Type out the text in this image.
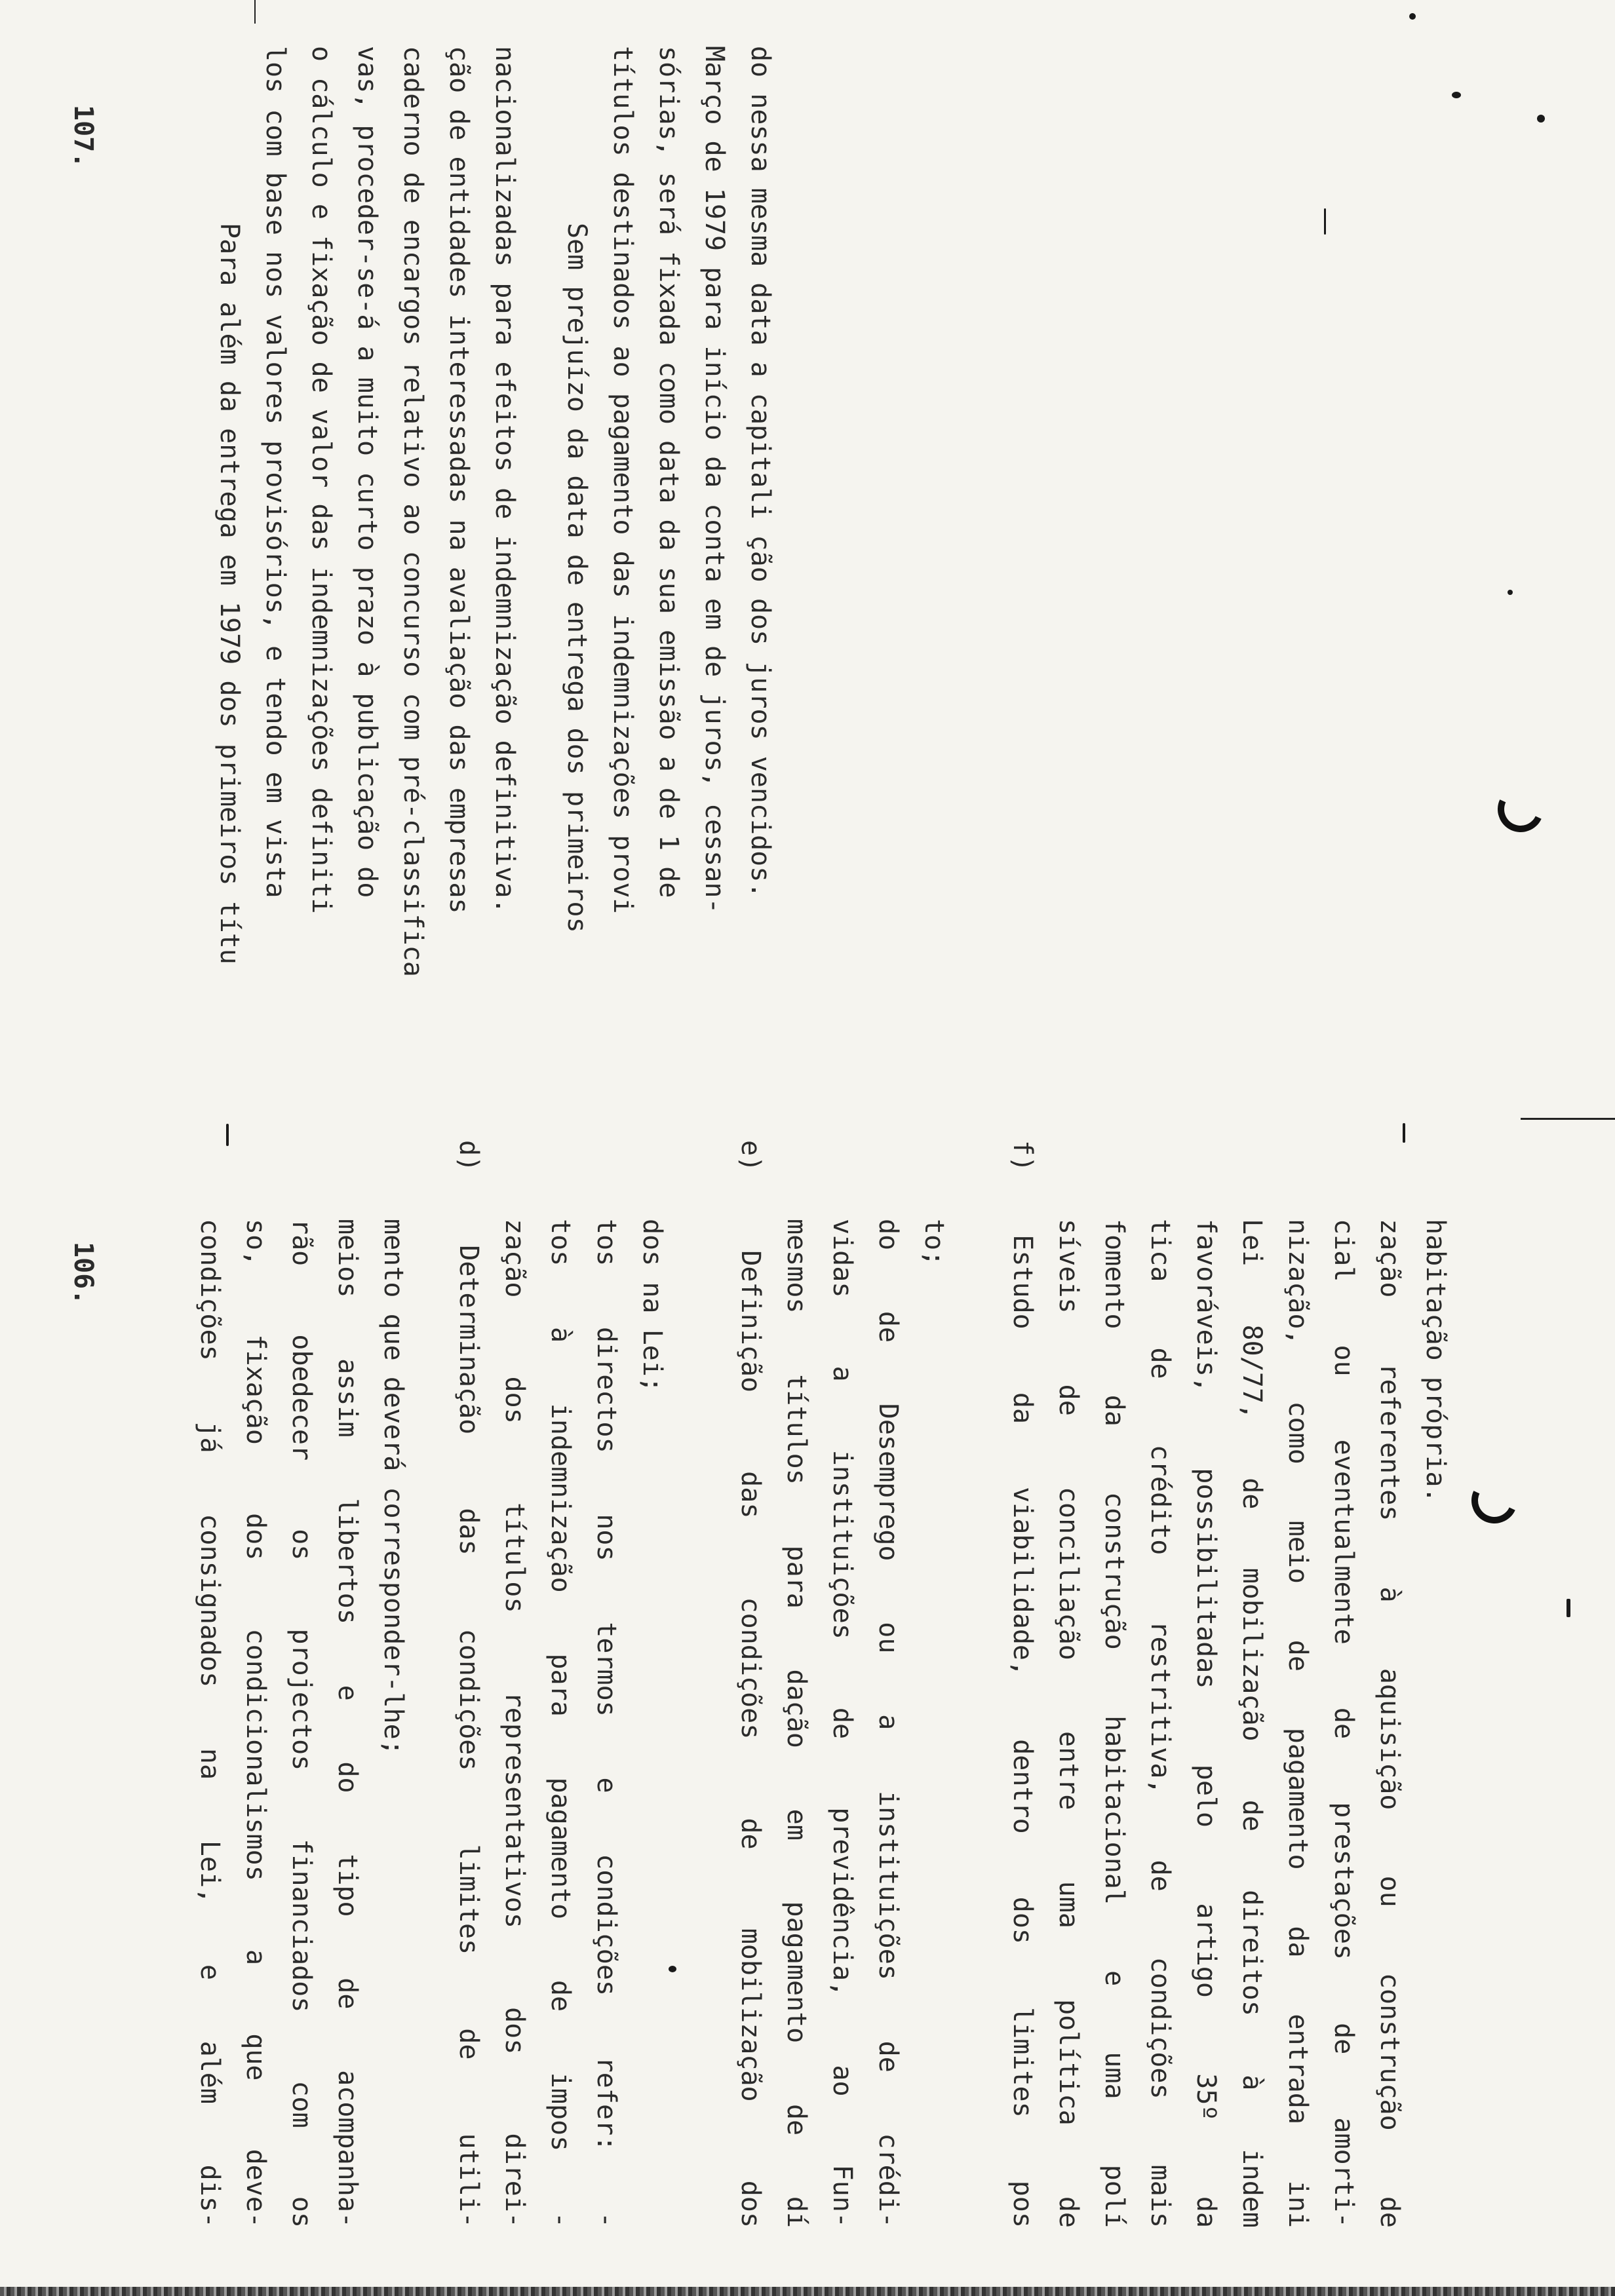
106.
107.
condições já consignados na Lei, e além dis- so, fixação dos condicionalismos a que deve- rão obedecer os projectos financiados com os meios assim libertos e do tipo de acompanha- mento que deverá corresponder-lhe; d) Determinação das condições limites de utili- zação dos títulos representativos dos direi- tos à indemnização para pagamento de impos - tos directos nos termos e condições refer: - dos na Lei;	e) Definição das condições de mobilização dos mesmos títulos para dação em pagamento de dí vidas a instituições de previdência, ao Fun- do de Desemprego ou a instituições de crédi- to; f) Estudo da viabilidade, dentro dos limites pos síveis de conciliação entre uma política de fomento da construção habitacional e uma polí tica de crédito restritiva, de condições mais favoráveis, possibilitadas pelo artigo 35º da Lei 80/77, de mobilização de direitos à indem nização, como meio de pagamento da entrada ini cial ou eventualmente de prestações de amorti- zação referentes à aquisição ou construção de habitação própria.
Para além da entrega em 1979 dos primeiros títu los com base nos valores provisórios, e tendo em vista o cálculo e fixação de valor das indemnizações definiti vas, proceder-se-á a muito curto prazo à publicação do caderno de encargos relativo ao concurso com pré-classifica ção de entidades interessadas na avaliação das empresas nacionalizadas para efeitos de indemnização definitiva. Sem prejuízo da data de entrega dos primeiros títulos destinados ao pagamento das indemnizações provi sórias, será fixada como data da sua emissão a de 1 de Março de 1979 para início da conta em de juros, cessan- do nessa mesma data a capitali ção dos juros vencidos.
